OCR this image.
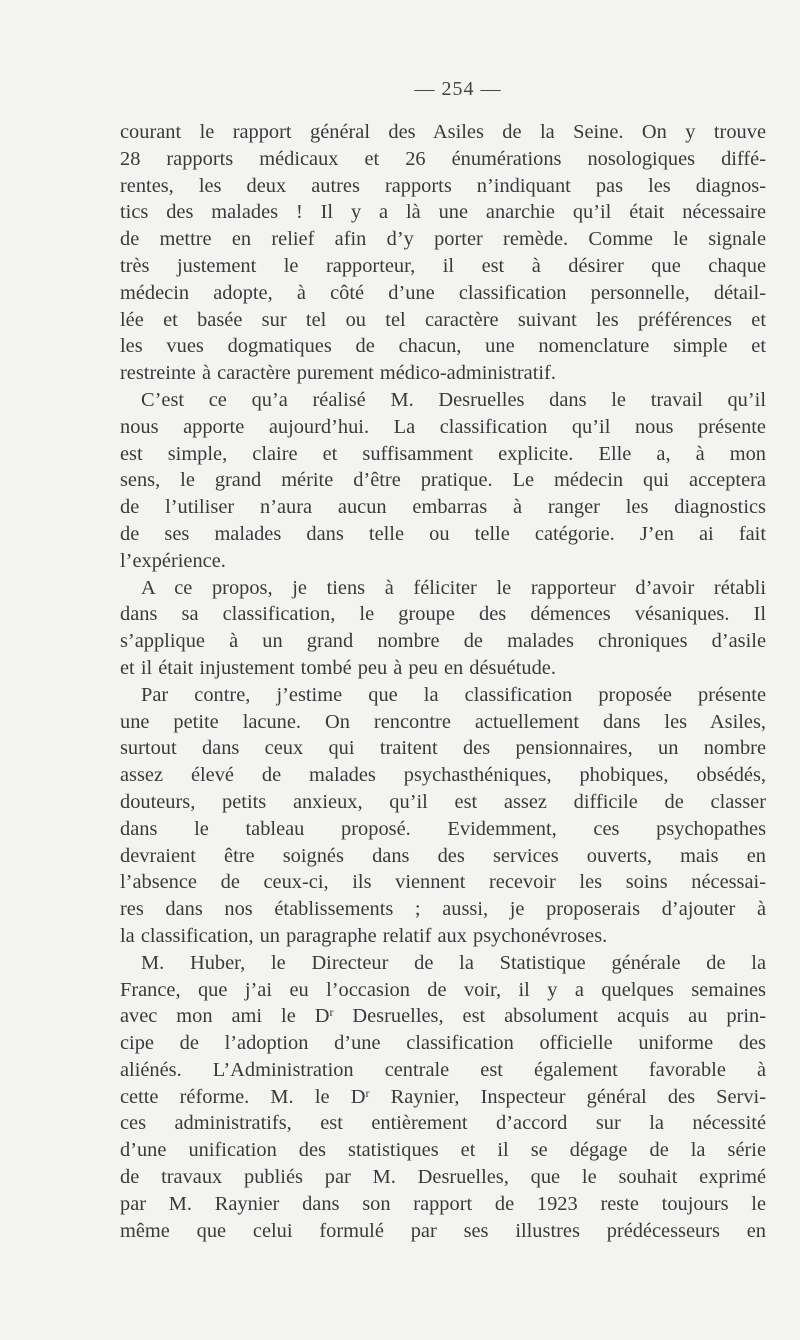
— 254 —

courant le rapport général des Asiles de la Seine. On y trouve
28 rapports médicaux et 26 énumérations nosologiques diffé-
rentes, les deux autres rapports n’indiquant pas les diagnos-
tics des malades ! Il y a là une anarchie qu’il était nécessaire
de mettre en relief afin d’y porter remède. Comme le signale
très justement le rapporteur, il est à désirer que chaque
médecin adopte, à côté d’une classification personnelle, détail-
lée et basée sur tel ou tel caractère suivant les préférences et
les vues dogmatiques de chacun, une nomenclature simple et
restreinte à caractère purement médico-administratif.

C’est ce qu’a réalisé M. Desruelles dans le travail qu’il
nous apporte aujourd’hui. La classification qu’il nous présente
est simple, claire et suffisamment explicite. Elle a, à mon
sens, le grand mérite d’être pratique. Le médecin qui acceptera
de l’utiliser n’aura aucun embarras à ranger les diagnostics
de ses malades dans telle ou telle catégorie. J’en ai fait
l’expérience.

A ce propos, je tiens à féliciter le rapporteur d’avoir rétabli
dans sa classification, le groupe des démences vésaniques. Il
s’applique à un grand nombre de malades chroniques d’asile
et il était injustement tombé peu à peu en désuétude.

Par contre, j’estime que la classification proposée présente
une petite lacune. On rencontre actuellement dans les Asiles,
surtout dans ceux qui traitent des pensionnaires, un nombre
assez élevé de malades psychasthéniques, phobiques, obsédés,
douteurs, petits anxieux, qu’il est assez difficile de classer
dans le tableau proposé. Evidemment, ces psychopathes
devraient être soignés dans des services ouverts, mais en
l’absence de ceux-ci, ils viennent recevoir les soins nécessai-
res dans nos établissements ; aussi, je proposerais d’ajouter à
la classification, un paragraphe relatif aux psychonévroses.

M. Huber, le Directeur de la Statistique générale de la
France, que j’ai eu l’occasion de voir, il y a quelques semaines
avec mon ami le $D^r$ Desruelles, est absolument acquis au prin-
cipe de l’adoption d’une classification officielle uniforme des
aliénés. L’Administration centrale est également favorable à
cette réforme. M. le $D^r$ Raynier, Inspecteur général des Servi-
ces administratifs, est entièrement d’accord sur la nécessité
d’une unification des statistiques et il se dégage de la série
de travaux publiés par M. Desruelles, que le souhait exprimé
par M. Raynier dans son rapport de 1923 reste toujours le
même que celui formulé par ses illustres prédécesseurs en
